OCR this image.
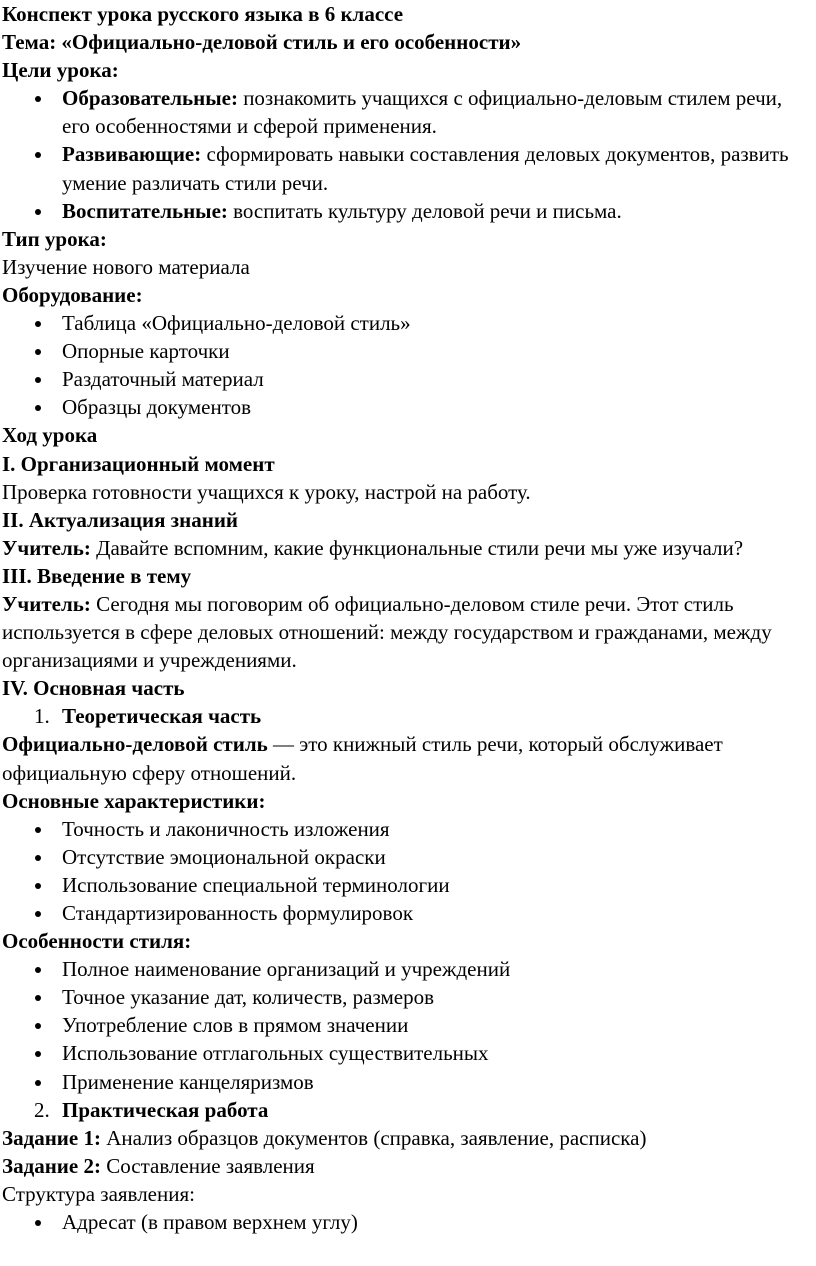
Конспект урока русского языка в 6 классе

Тема: «Официально-деловой стиль и его особенности»

Цели урока:

Образовательные: познакомить учащихся с официально-деловым стилем речи, его особенностями и сферой применения.
Развивающие: сформировать навыки составления деловых документов, развить умение различать стили речи.
Воспитательные: воспитать культуру деловой речи и письма.

Тип урока:

Изучение нового материала

Оборудование:

Таблица «Официально-деловой стиль»
Опорные карточки
Раздаточный материал
Образцы документов

Ход урока

I. Организационный момент

Проверка готовности учащихся к уроку, настрой на работу.

II. Актуализация знаний

Учитель: Давайте вспомним, какие функциональные стили речи мы уже изучали?

III. Введение в тему

Учитель: Сегодня мы поговорим об официально-деловом стиле речи. Этот стиль используется в сфере деловых отношений: между государством и гражданами, между организациями и учреждениями.

IV. Основная часть

1. Теоретическая часть

Официально-деловой стиль — это книжный стиль речи, который обслуживает официальную сферу отношений.

Основные характеристики:

Точность и лаконичность изложения
Отсутствие эмоциональной окраски
Использование специальной терминологии
Стандартизированность формулировок

Особенности стиля:

Полное наименование организаций и учреждений
Точное указание дат, количеств, размеров
Употребление слов в прямом значении
Использование отглагольных существительных
Применение канцеляризмов
2. Практическая работа

Задание 1: Анализ образцов документов (справка, заявление, расписка)

Задание 2: Составление заявления

Структура заявления:

Адресат (в правом верхнем углу)
